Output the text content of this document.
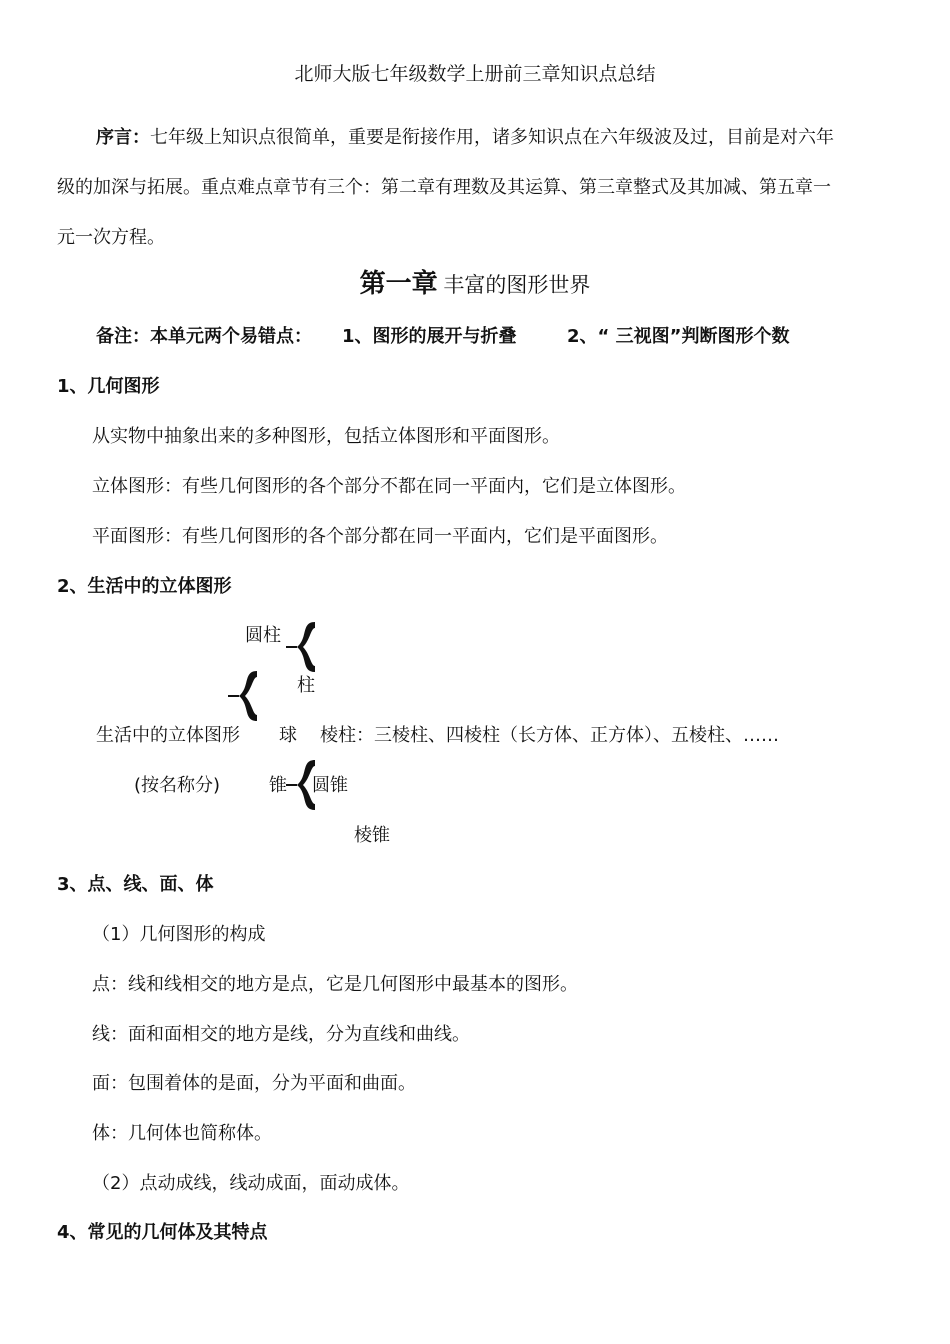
北师大版七年级数学上册前三章知识点总结
序言：七年级上知识点很简单，重要是衔接作用，诸多知识点在六年级波及过，目前是对六年
级的加深与拓展。重点难点章节有三个：第二章有理数及其运算、第三章整式及其加减、第五章一
元一次方程。
第一章 丰富的图形世界
备注：本单元两个易错点： 1、图形的展开与折叠	2、“ 三视图”判断图形个数
1、几何图形
从实物中抽象出来的多种图形，包括立体图形和平面图形。
立体图形：有些几何图形的各个部分不都在同一平面内，它们是立体图形。
平面图形：有些几何图形的各个部分都在同一平面内，它们是平面图形。
2、生活中的立体图形
圆柱
柱
生活中的立体图形 球 棱柱：三棱柱、四棱柱（长方体、正方体）、五棱柱、……
(按名称分)	锥 圆锥
棱锥
3、点、线、面、体
（1）几何图形的构成
点：线和线相交的地方是点，它是几何图形中最基本的图形。
线：面和面相交的地方是线，分为直线和曲线。
面：包围着体的是面，分为平面和曲面。
体：几何体也简称体。
（2）点动成线，线动成面，面动成体。
4、常见的几何体及其特点
